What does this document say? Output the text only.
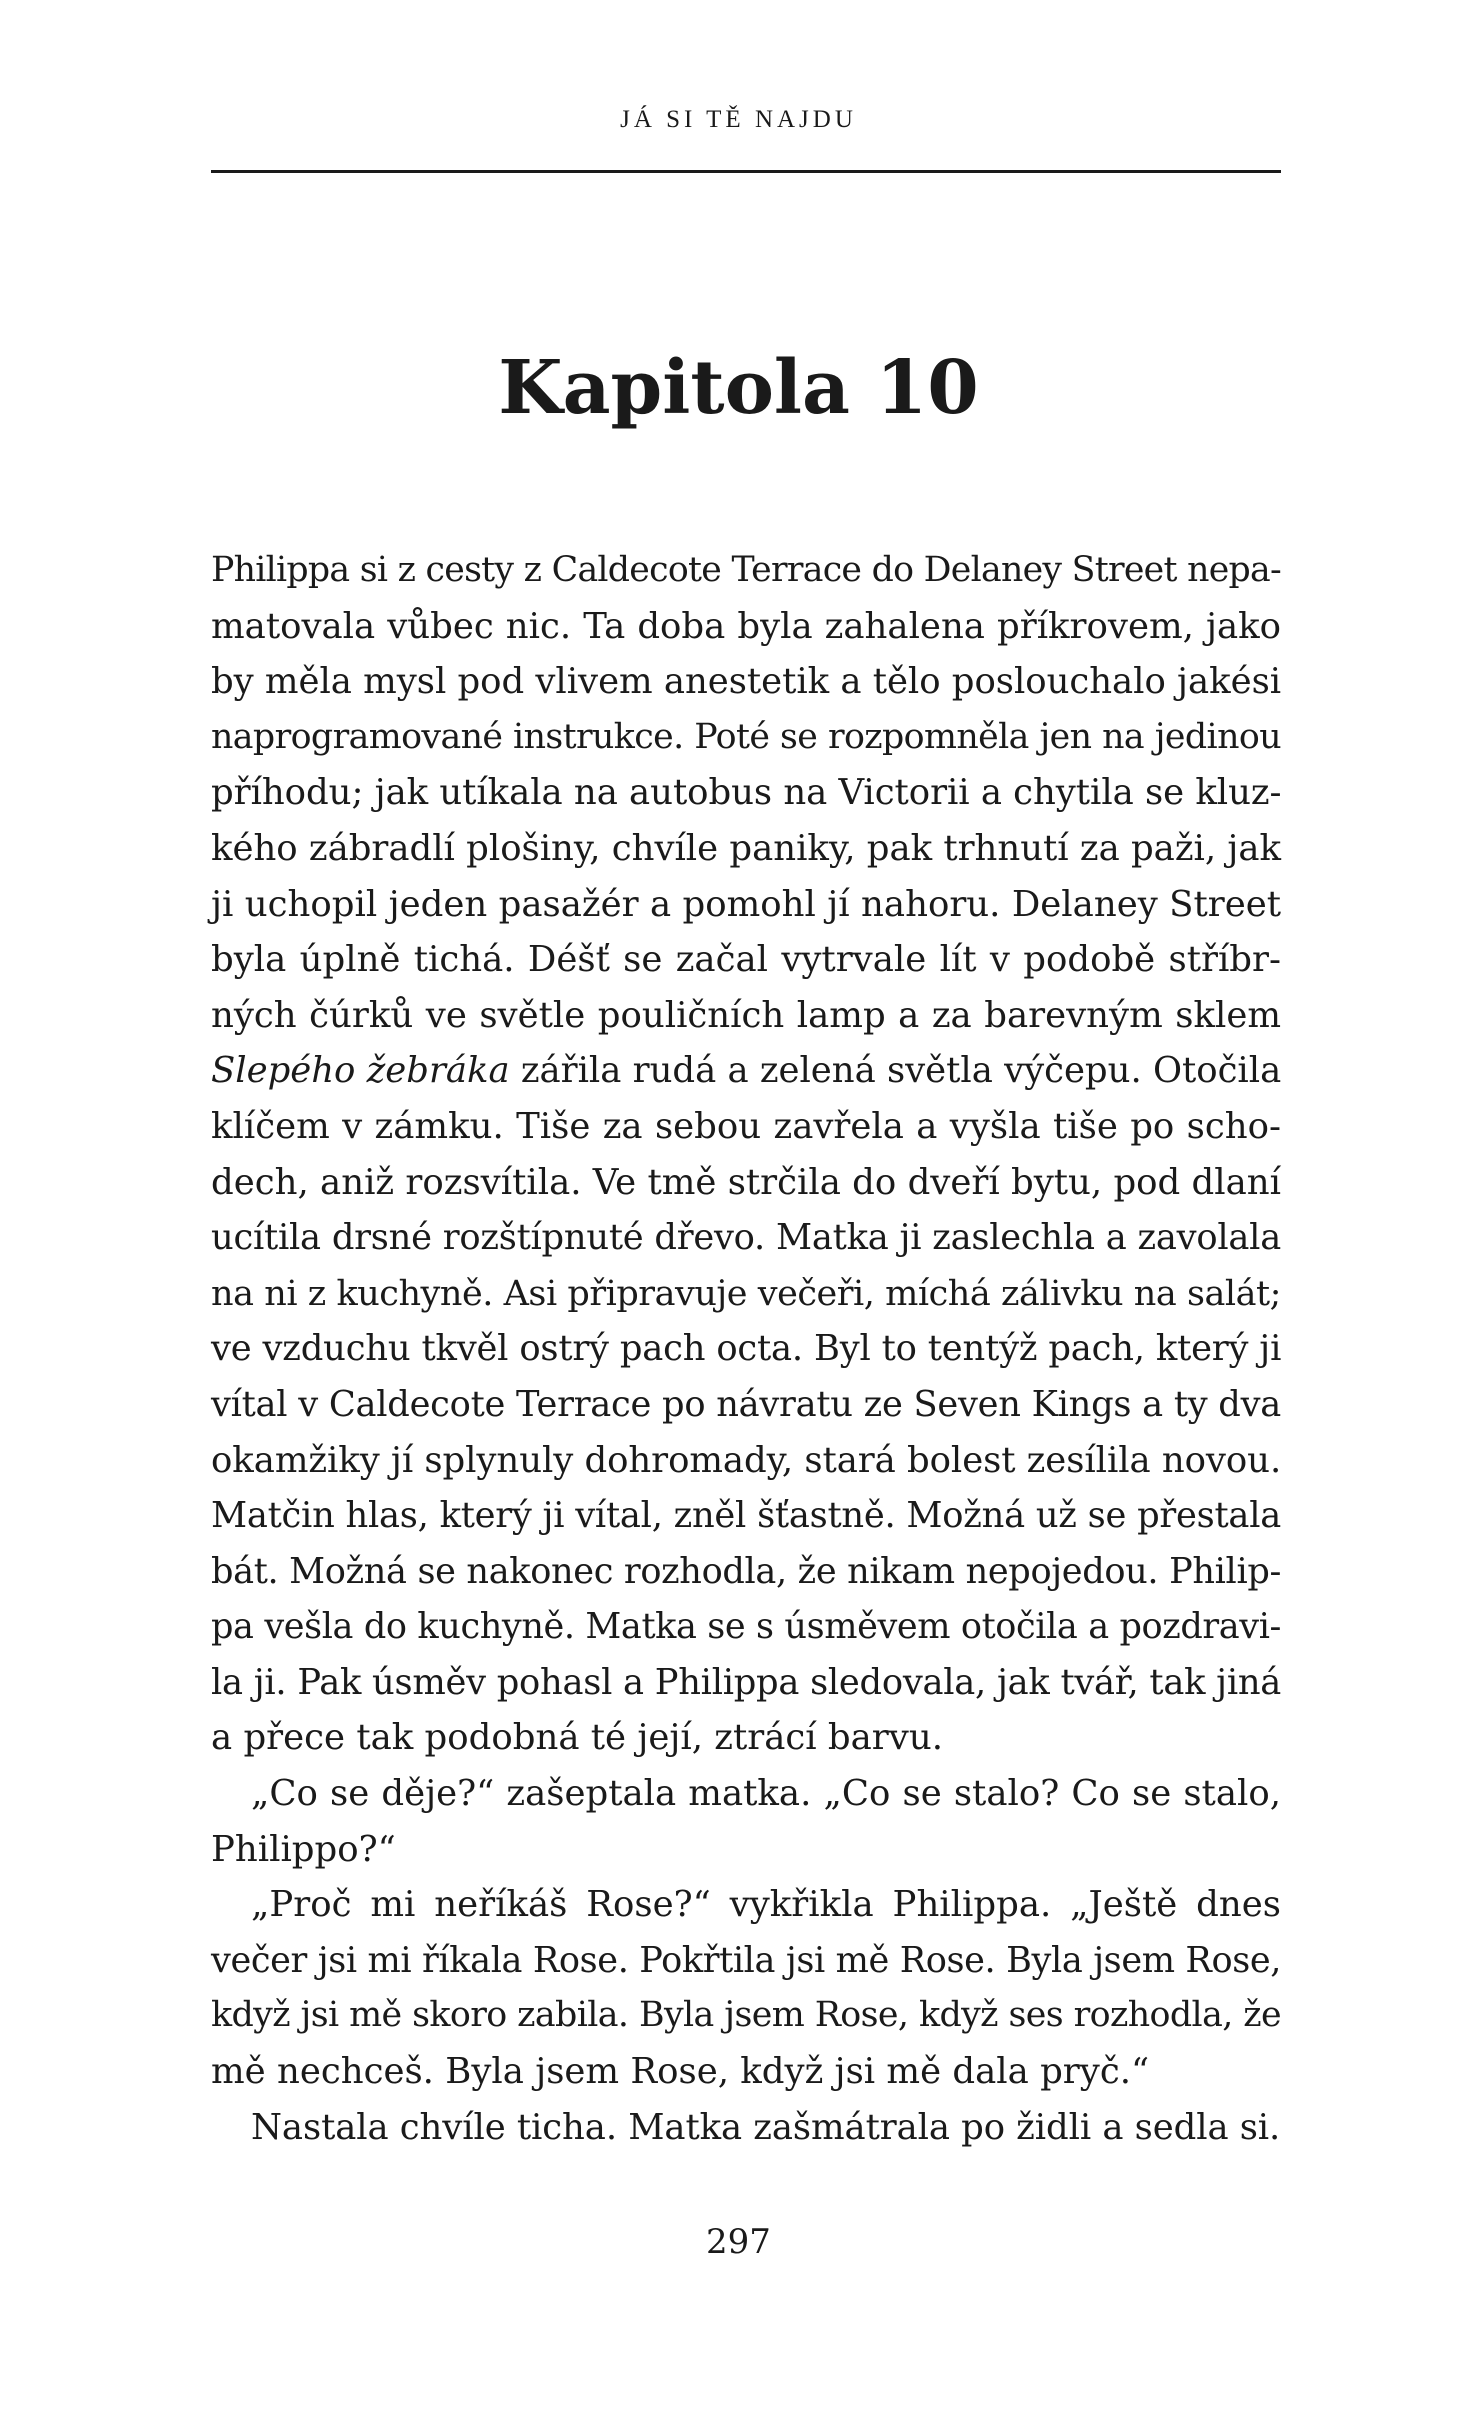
JÁ SI TĚ NAJDU
Kapitola 10
Philippa si z cesty z Caldecote Terrace do Delaney Street nepa-
matovala vůbec nic. Ta doba byla zahalena příkrovem, jako
by měla mysl pod vlivem anestetik a tělo poslouchalo jakési
naprogramované instrukce. Poté se rozpomněla jen na jedinou
příhodu; jak utíkala na autobus na Victorii a chytila se kluz-
kého zábradlí plošiny, chvíle paniky, pak trhnutí za paži, jak
ji uchopil jeden pasažér a pomohl jí nahoru. Delaney Street
byla úplně tichá. Déšť se začal vytrvale lít v podobě stříbr-
ných čúrků ve světle pouličních lamp a za barevným sklem
Slepého žebráka zářila rudá a zelená světla výčepu. Otočila
klíčem v zámku. Tiše za sebou zavřela a vyšla tiše po scho-
dech, aniž rozsvítila. Ve tmě strčila do dveří bytu, pod dlaní
ucítila drsné rozštípnuté dřevo. Matka ji zaslechla a zavolala
na ni z kuchyně. Asi připravuje večeři, míchá zálivku na salát;
ve vzduchu tkvěl ostrý pach octa. Byl to tentýž pach, který ji
vítal v Caldecote Terrace po návratu ze Seven Kings a ty dva
okamžiky jí splynuly dohromady, stará bolest zesílila novou.
Matčin hlas, který ji vítal, zněl šťastně. Možná už se přestala
bát. Možná se nakonec rozhodla, že nikam nepojedou. Philip-
pa vešla do kuchyně. Matka se s úsměvem otočila a pozdravi-
la ji. Pak úsměv pohasl a Philippa sledovala, jak tvář, tak jiná
a přece tak podobná té její, ztrácí barvu.
„Co se děje?“ zašeptala matka. „Co se stalo? Co se stalo,
Philippo?“
„Proč mi neříkáš Rose?“ vykřikla Philippa. „Ještě dnes
večer jsi mi říkala Rose. Pokřtila jsi mě Rose. Byla jsem Rose,
když jsi mě skoro zabila. Byla jsem Rose, když ses rozhodla, že
mě nechceš. Byla jsem Rose, když jsi mě dala pryč.“
Nastala chvíle ticha. Matka zašmátrala po židli a sedla si.
297
